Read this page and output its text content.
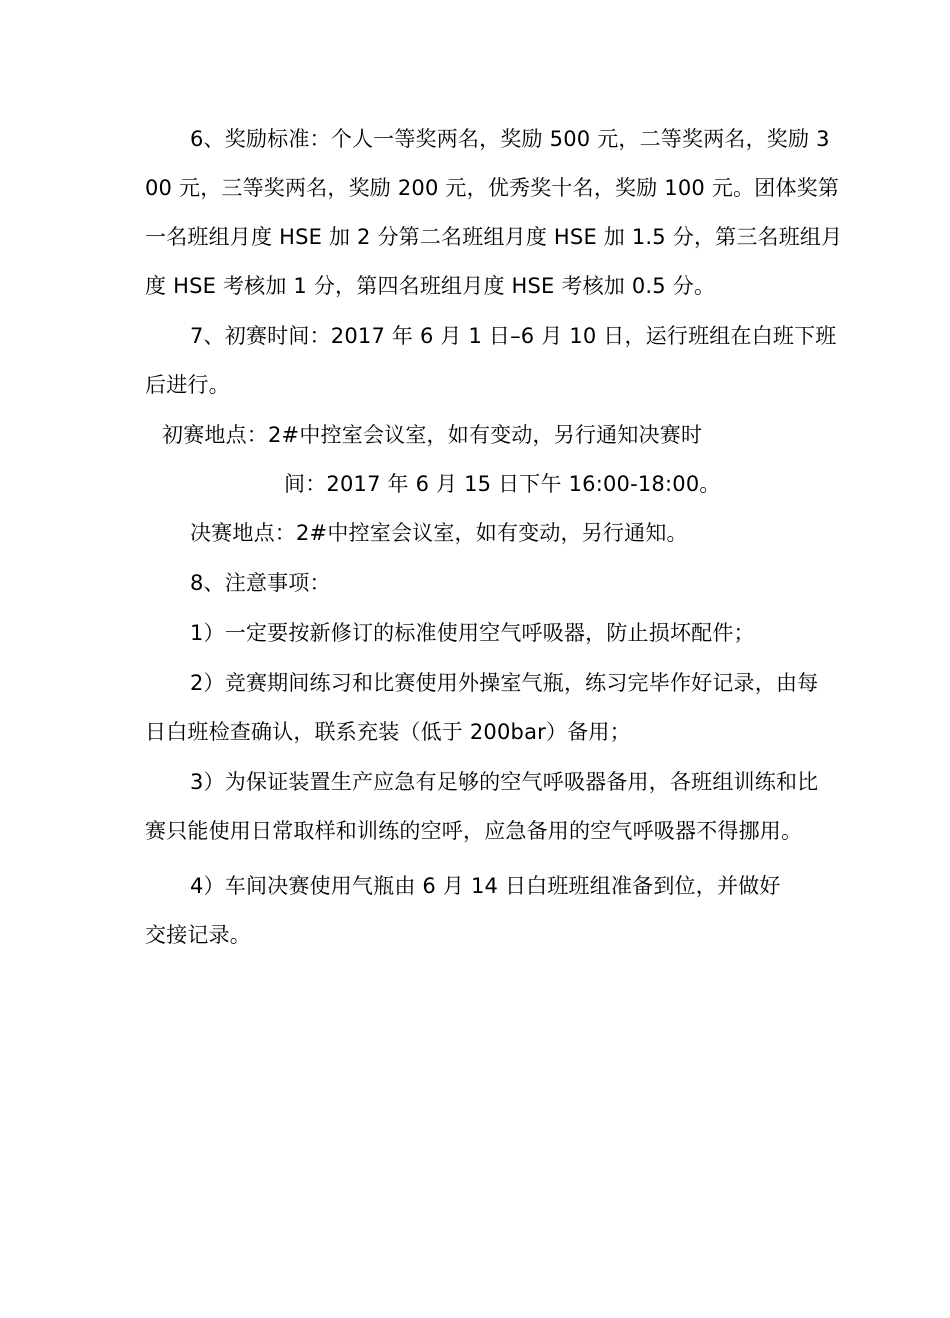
6、奖励标准：个人一等奖两名，奖励 500 元，二等奖两名，奖励 3
00 元，三等奖两名，奖励 200 元，优秀奖十名，奖励 100 元。团体奖第
一名班组月度 HSE 加 2 分第二名班组月度 HSE 加 1.5 分，第三名班组月
度 HSE 考核加 1 分，第四名班组月度 HSE 考核加 0.5 分。
7、初赛时间：2017 年 6 月 1 日–6 月 10 日，运行班组在白班下班
后进行。
初赛地点：2#中控室会议室，如有变动，另行通知决赛时
间：2017 年 6 月 15 日下午 16:00-18:00。
决赛地点：2#中控室会议室，如有变动，另行通知。
8、注意事项：
1）一定要按新修订的标准使用空气呼吸器，防止损坏配件；
2）竞赛期间练习和比赛使用外操室气瓶，练习完毕作好记录，由每
日白班检查确认，联系充装（低于 200bar）备用；
3）为保证装置生产应急有足够的空气呼吸器备用，各班组训练和比
赛只能使用日常取样和训练的空呼，应急备用的空气呼吸器不得挪用。
4）车间决赛使用气瓶由 6 月 14 日白班班组准备到位，并做好
交接记录。
